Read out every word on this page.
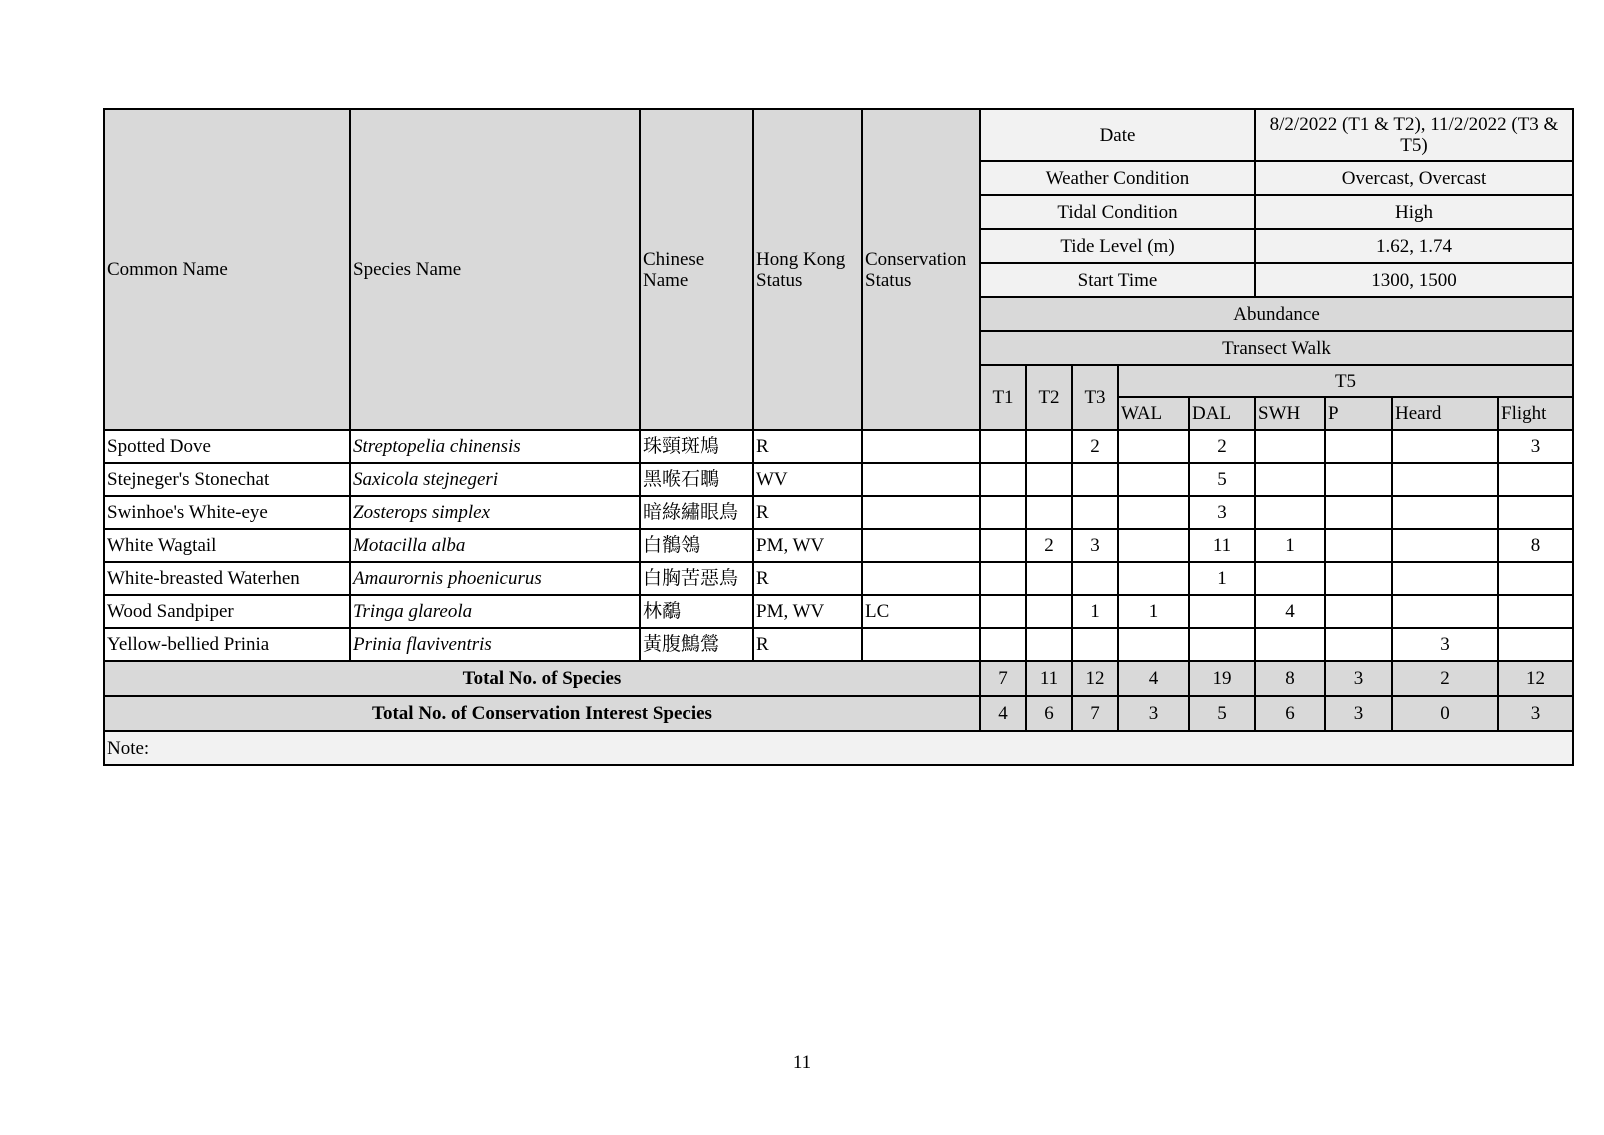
Common Name	Species Name	Chinese Name	Hong Kong Status	Conservation Status	Date					8/2/2022 (T1 & T2), 11/2/2022 (T3 & T5)			
					Weather Condition					Overcast, Overcast			
					Tidal Condition					High			
					Tide Level (m)					1.62, 1.74			
					Start Time					1300, 1500			
					Abundance								
					Transect Walk								
					T1	T2	T3	T5					
								WAL	DAL	SWH	P	Heard	Flight
Spotted Dove	Streptopelia chinensis	珠頸斑鳩	R				2		2				3
Stejneger's Stonechat	Saxicola stejnegeri	黑喉石䳭	WV						5				
Swinhoe's White-eye	Zosterops simplex	暗綠繡眼鳥	R						3				
White Wagtail	Motacilla alba	白鶺鴒	PM, WV			2	3		11	1			8
White-breasted Waterhen	Amaurornis phoenicurus	白胸苦惡鳥	R						1				
Wood Sandpiper	Tringa glareola	林鷸	PM, WV	LC			1	1		4			
Yellow-bellied Prinia	Prinia flaviventris	黃腹鷦鶯	R									3	
Total No. of Species					7	11	12	4	19	8	3	2	12
Total No. of Conservation Interest Species					4	6	7	3	5	6	3	0	3
Note:													
11
